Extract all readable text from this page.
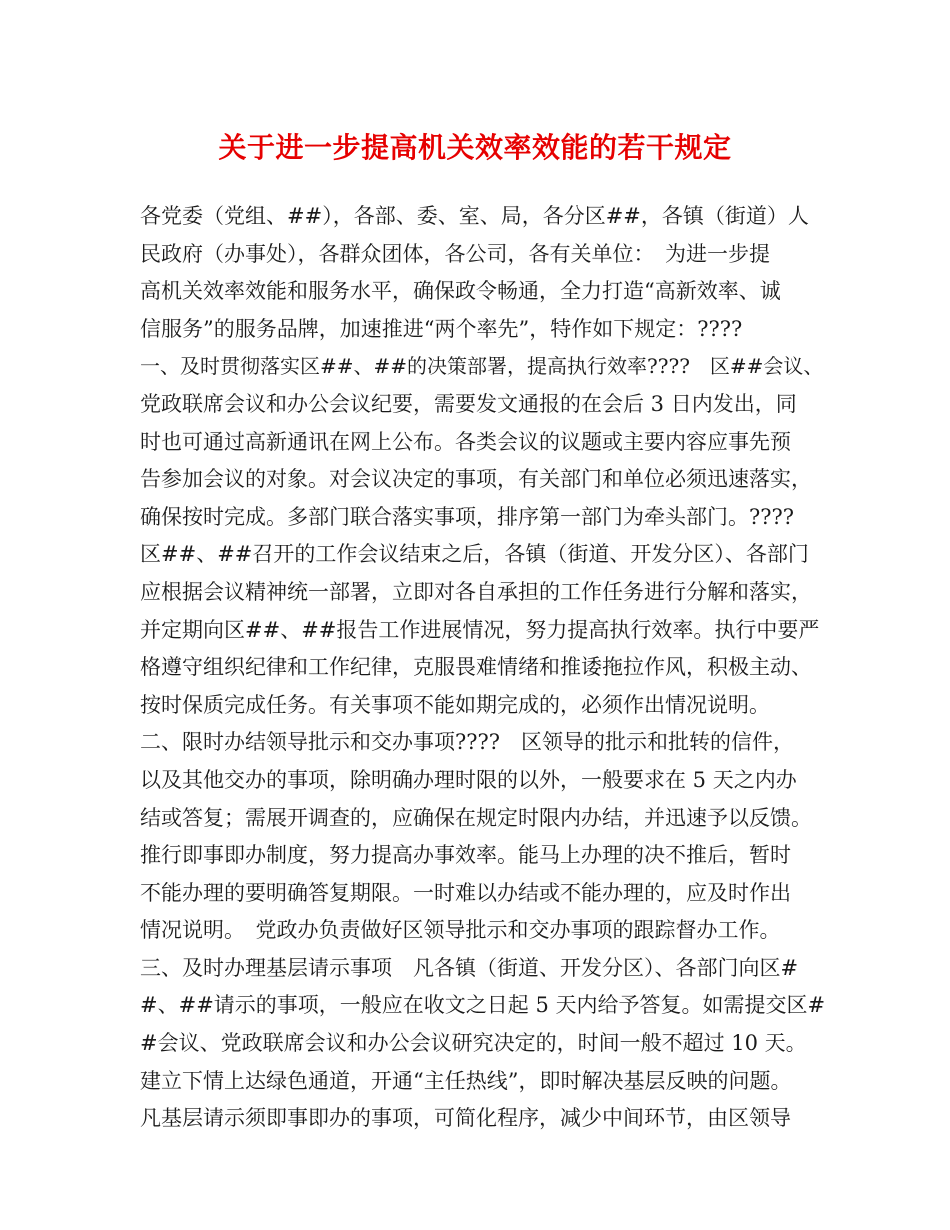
关于进一步提高机关效率效能的若干规定
各党委（党组、##），各部、委、室、局，各分区##，各镇（街道）人
民政府（办事处），各群众团体，各公司，各有关单位：　为进一步提
高机关效率效能和服务水平，确保政令畅通，全力打造“高新效率、诚
信服务”的服务品牌，加速推进“两个率先”，特作如下规定：????
一、及时贯彻落实区##、##的决策部署，提高执行效率????　区##会议、
党政联席会议和办公会议纪要，需要发文通报的在会后 3 日内发出，同
时也可通过高新通讯在网上公布。各类会议的议题或主要内容应事先预
告参加会议的对象。对会议决定的事项，有关部门和单位必须迅速落实，
确保按时完成。多部门联合落实事项，排序第一部门为牵头部门。????
区##、##召开的工作会议结束之后，各镇（街道、开发分区）、各部门
应根据会议精神统一部署，立即对各自承担的工作任务进行分解和落实，
并定期向区##、##报告工作进展情况，努力提高执行效率。执行中要严
格遵守组织纪律和工作纪律，克服畏难情绪和推诿拖拉作风，积极主动、
按时保质完成任务。有关事项不能如期完成的，必须作出情况说明。
二、限时办结领导批示和交办事项????　区领导的批示和批转的信件，
以及其他交办的事项，除明确办理时限的以外，一般要求在 5 天之内办
结或答复；需展开调查的，应确保在规定时限内办结，并迅速予以反馈。
推行即事即办制度，努力提高办事效率。能马上办理的决不推后，暂时
不能办理的要明确答复期限。一时难以办结或不能办理的，应及时作出
情况说明。　党政办负责做好区领导批示和交办事项的跟踪督办工作。
三、及时办理基层请示事项　凡各镇（街道、开发分区）、各部门向区#
#、##请示的事项，一般应在收文之日起 5 天内给予答复。如需提交区#
#会议、党政联席会议和办公会议研究决定的，时间一般不超过 10 天。
建立下情上达绿色通道，开通“主任热线”，即时解决基层反映的问题。
凡基层请示须即事即办的事项，可简化程序，减少中间环节，由区领导
